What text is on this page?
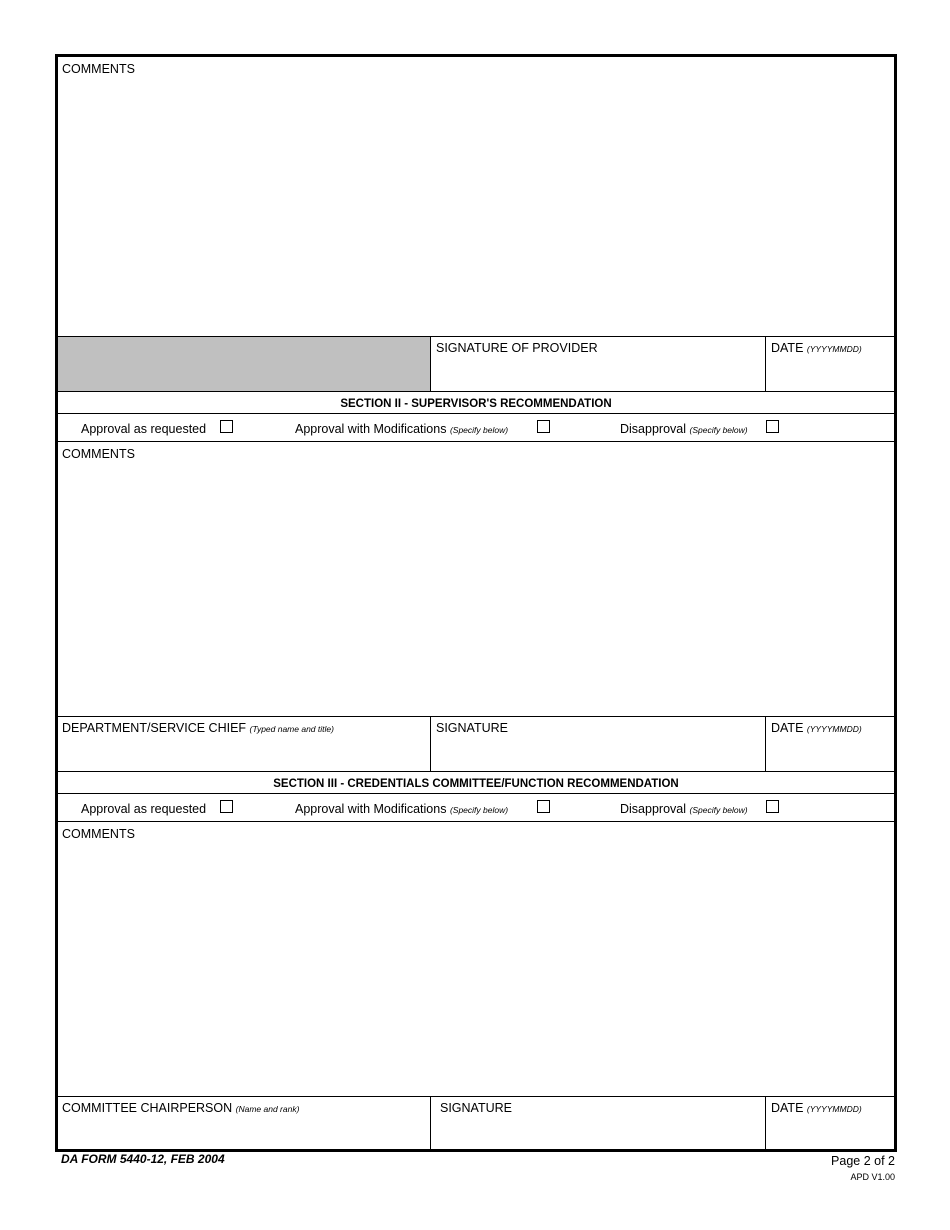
COMMENTS
SIGNATURE OF PROVIDER	DATE (YYYYMMDD)
SECTION II - SUPERVISOR'S RECOMMENDATION
Approval as requested	Approval with Modifications (Specify below)	Disapproval (Specify below)
COMMENTS
DEPARTMENT/SERVICE CHIEF (Typed name and title)	SIGNATURE	DATE (YYYYMMDD)
SECTION III - CREDENTIALS COMMITTEE/FUNCTION RECOMMENDATION
Approval as requested	Approval with Modifications (Specify below)	Disapproval (Specify below)
COMMENTS
COMMITTEE CHAIRPERSON (Name and rank)	SIGNATURE	DATE (YYYYMMDD)
DA FORM 5440-12, FEB 2004	Page 2 of 2
APD V1.00
